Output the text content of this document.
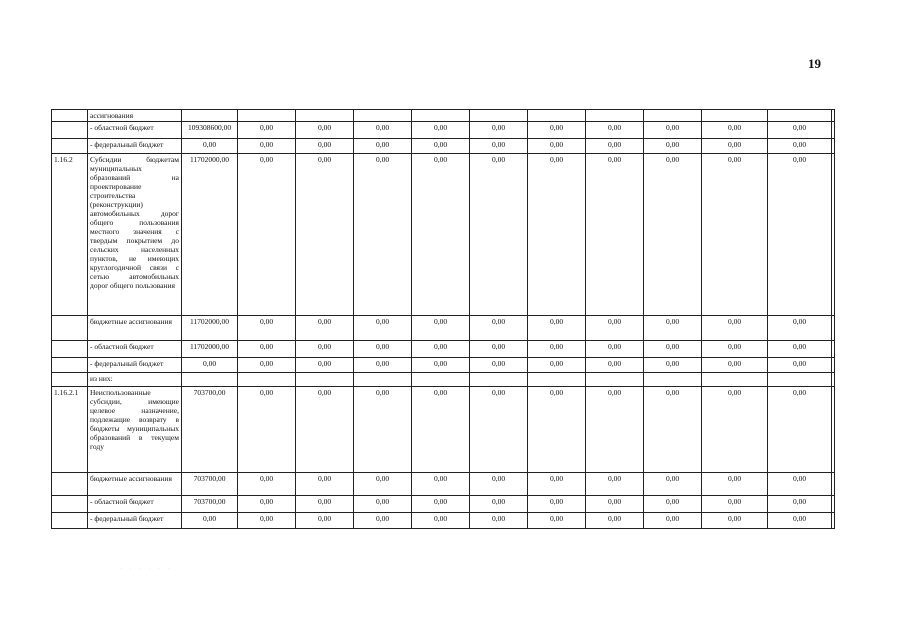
19
	ассигнования												
	- областной бюджет	109308600,00	0,00	0,00	0,00	0,00	0,00	0,00	0,00	0,00	0,00	0,00	
	- федеральный бюджет	0,00	0,00	0,00	0,00	0,00	0,00	0,00	0,00	0,00	0,00	0,00	
1.16.2	Субсидии бюджетам муниципальных образований на проектирование строительства (реконструкции) автомобильных дорог общего пользования местного значения с твердым покрытием до сельских населенных пунктов, не имеющих круглогодичной связи с сетью автомобильных дорог общего пользования	11702000,00	0,00	0,00	0,00	0,00	0,00	0,00	0,00	0,00	0,00	0,00	
	бюджетные ассигнования	11702000,00	0,00	0,00	0,00	0,00	0,00	0,00	0,00	0,00	0,00	0,00	
	- областной бюджет	11702000,00	0,00	0,00	0,00	0,00	0,00	0,00	0,00	0,00	0,00	0,00	
	- федеральный бюджет	0,00	0,00	0,00	0,00	0,00	0,00	0,00	0,00	0,00	0,00	0,00	
	из них:												
1.16.2.1	Неиспользованные субсидии, имеющие целевое назначение, подлежащие возврату в бюджеты муниципальных образований в текущем году	703700,00	0,00	0,00	0,00	0,00	0,00	0,00	0,00	0,00	0,00	0,00	
	бюджетные ассигнования	703700,00	0,00	0,00	0,00	0,00	0,00	0,00	0,00	0,00	0,00	0,00	
	- областной бюджет	703700,00	0,00	0,00	0,00	0,00	0,00	0,00	0,00	0,00	0,00	0,00	
	- федеральный бюджет	0,00	0,00	0,00	0,00	0,00	0,00	0,00	0,00	0,00	0,00	0,00	
· · · · · ·
